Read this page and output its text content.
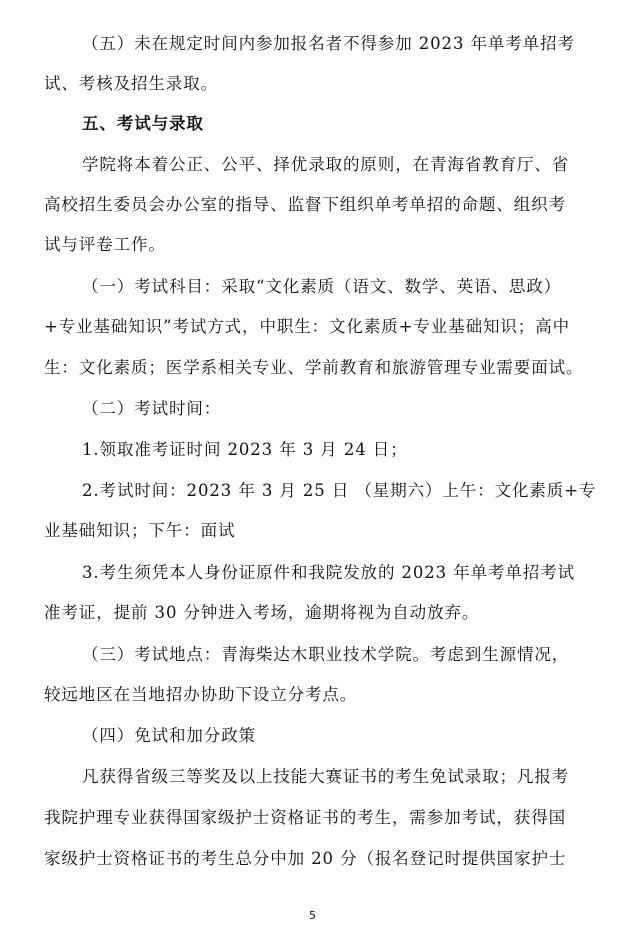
（五）未在规定时间内参加报名者不得参加 2023 年单考单招考
试、考核及招生录取。
五、考试与录取
学院将本着公正、公平、择优录取的原则，在青海省教育厅、省
高校招生委员会办公室的指导、监督下组织单考单招的命题、组织考
试与评卷工作。
（一）考试科目：采取“文化素质（语文、数学、英语、思政）
+专业基础知识”考试方式，中职生：文化素质+专业基础知识；高中
生：文化素质；医学系相关专业、学前教育和旅游管理专业需要面试。
（二）考试时间：
1.领取准考证时间 2023 年 3 月 24 日；
2.考试时间：2023 年 3 月 25 日 （星期六）上午：文化素质+专
业基础知识；下午：面试
3.考生须凭本人身份证原件和我院发放的 2023 年单考单招考试
准考证，提前 30 分钟进入考场，逾期将视为自动放弃。
（三）考试地点：青海柴达木职业技术学院。考虑到生源情况，
较远地区在当地招办协助下设立分考点。
（四）免试和加分政策
凡获得省级三等奖及以上技能大赛证书的考生免试录取；凡报考
我院护理专业获得国家级护士资格证书的考生，需参加考试，获得国
家级护士资格证书的考生总分中加 20 分（报名登记时提供国家护士
5
